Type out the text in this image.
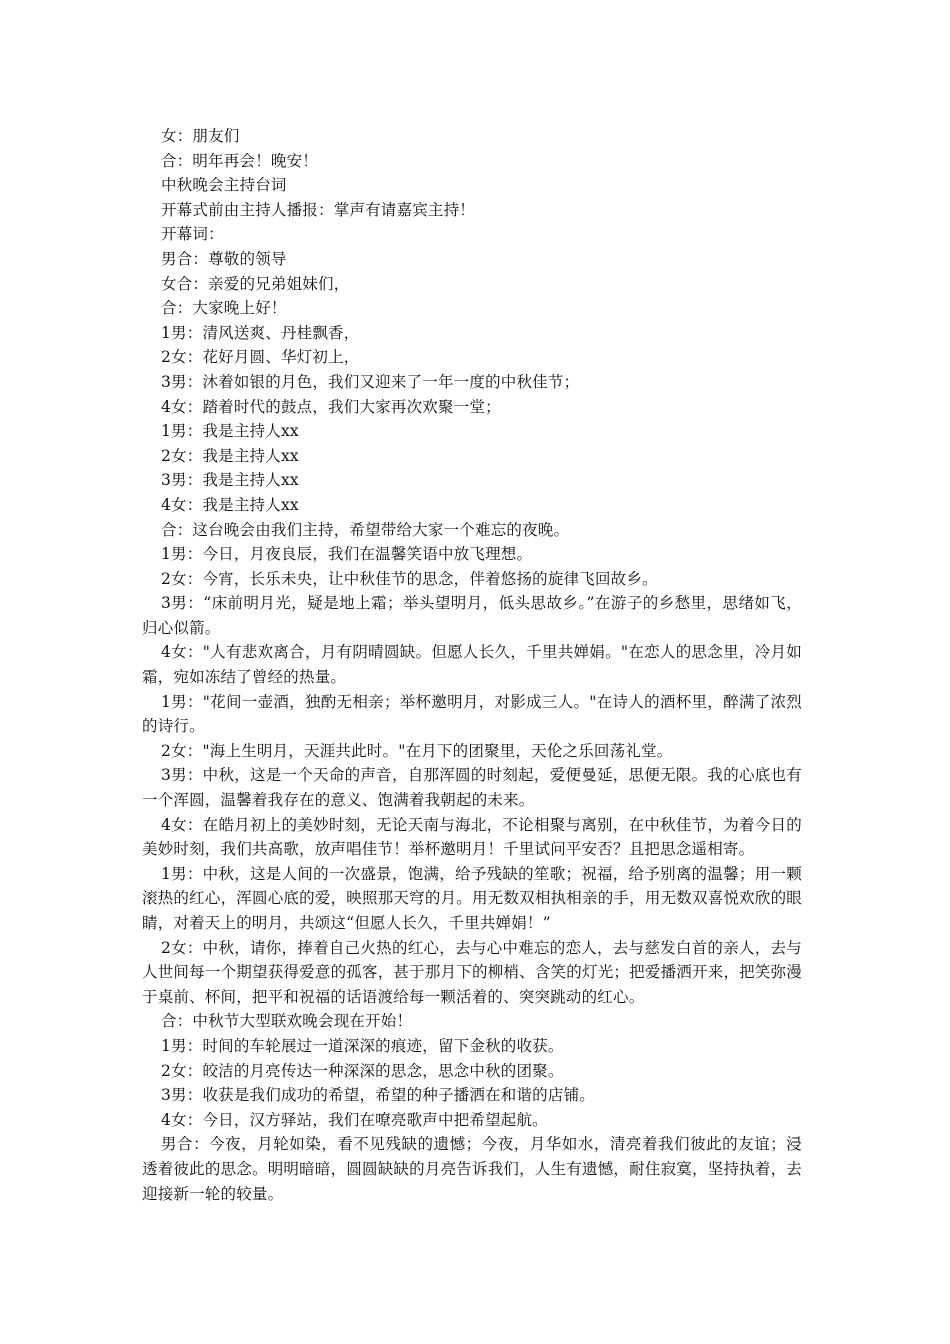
女：朋友们

合：明年再会！晚安！

中秋晚会主持台词

开幕式前由主持人播报：掌声有请嘉宾主持！

开幕词：

男合：尊敬的领导

女合：亲爱的兄弟姐妹们，

合：大家晚上好！

1男：清风送爽、丹桂飘香，

2女：花好月圆、华灯初上，

3男：沐着如银的月色，我们又迎来了一年一度的中秋佳节；

4女：踏着时代的鼓点，我们大家再次欢聚一堂；

1男：我是主持人xx

2女：我是主持人xx

3男：我是主持人xx

4女：我是主持人xx

合：这台晚会由我们主持，希望带给大家一个难忘的夜晚。

1男：今日，月夜良辰，我们在温馨笑语中放飞理想。

2女：今宵，长乐未央，让中秋佳节的思念，伴着悠扬的旋律飞回故乡。

3男：“床前明月光，疑是地上霜；举头望明月，低头思故乡。”在游子的乡愁里，思绪如飞，归心似箭。

4女："人有悲欢离合，月有阴晴圆缺。但愿人长久，千里共婵娟。"在恋人的思念里，冷月如霜，宛如冻结了曾经的热量。

1男："花间一壶酒，独酌无相亲；举杯邀明月，对影成三人。"在诗人的酒杯里，醉满了浓烈的诗行。

2女："海上生明月，天涯共此时。"在月下的团聚里，天伦之乐回荡礼堂。

3男：中秋，这是一个天命的声音，自那浑圆的时刻起，爱便曼延，思便无限。我的心底也有一个浑圆，温馨着我存在的意义、饱满着我朝起的未来。

4女：在皓月初上的美妙时刻，无论天南与海北，不论相聚与离别，在中秋佳节，为着今日的美妙时刻，我们共高歌，放声唱佳节！举杯邀明月！千里试问平安否？且把思念遥相寄。

1男：中秋，这是人间的一次盛景，饱满，给予残缺的笙歌；祝福，给予别离的温馨；用一颗滚热的红心，浑圆心底的爱，映照那天穹的月。用无数双相执相亲的手，用无数双喜悦欢欣的眼睛，对着天上的明月，共颂这“但愿人长久，千里共婵娟！”

2女：中秋，请你，捧着自己火热的红心，去与心中难忘的恋人，去与慈发白首的亲人，去与人世间每一个期望获得爱意的孤客，甚于那月下的柳梢、含笑的灯光；把爱播洒开来，把笑弥漫于桌前、杯间，把平和祝福的话语渡给每一颗活着的、突突跳动的红心。

合：中秋节大型联欢晚会现在开始！

1男：时间的车轮展过一道深深的痕迹，留下金秋的收获。

2女：皎洁的月亮传达一种深深的思念，思念中秋的团聚。

3男：收获是我们成功的希望，希望的种子播洒在和谐的店铺。

4女：今日，汉方驿站，我们在嘹亮歌声中把希望起航。

男合：今夜，月轮如染，看不见残缺的遗憾；今夜，月华如水，清亮着我们彼此的友谊；浸透着彼此的思念。明明暗暗，圆圆缺缺的月亮告诉我们，人生有遗憾，耐住寂寞，坚持执着，去迎接新一轮的较量。
